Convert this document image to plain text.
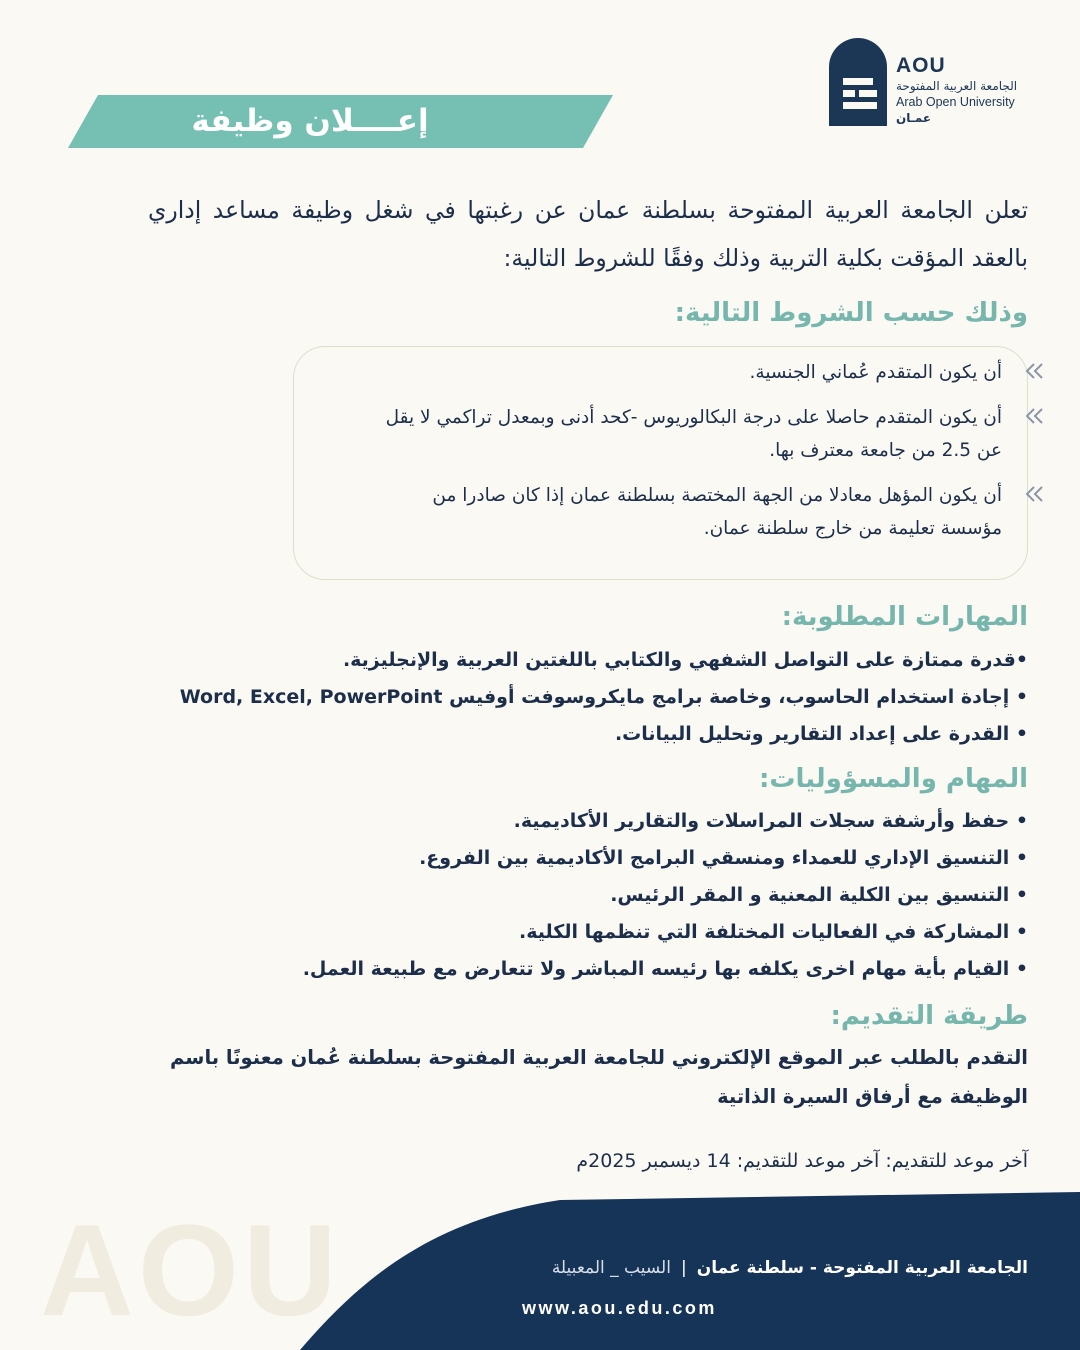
AOU
الجامعة العربية المفتوحة
Arab Open University
عمـان
إعــــلان وظيفة
تعلن الجامعة العربية المفتوحة بسلطنة عمان عن رغبتها في شغل وظيفة مساعد إداري بالعقد المؤقت بكلية التربية وذلك وفقًا للشروط التالية:
وذلك حسب الشروط التالية:
أن يكون المتقدم عُماني الجنسية.
أن يكون المتقدم حاصلا على درجة البكالوريوس -كحد أدنى وبمعدل تراكمي لا يقل عن 2.5 من جامعة معترف بها.
أن يكون المؤهل معادلا من الجهة المختصة بسلطنة عمان إذا كان صادرا من مؤسسة تعليمة من خارج سلطنة عمان.
المهارات المطلوبة:
•قدرة ممتازة على التواصل الشفهي والكتابي باللغتين العربية والإنجليزية.
• إجادة استخدام الحاسوب، وخاصة برامج مايكروسوفت أوفيس Word, Excel, PowerPoint
• القدرة على إعداد التقارير وتحليل البيانات.
المهام والمسؤوليات:
• حفظ وأرشفة سجلات المراسلات والتقارير الأكاديمية.
• التنسيق الإداري للعمداء ومنسقي البرامج الأكاديمية بين الفروع.
• التنسيق بين الكلية المعنية و المقر الرئيس.
• المشاركة في الفعاليات المختلفة التي تنظمها الكلية.
• القيام بأية مهام اخرى يكلفه بها رئيسه المباشر ولا تتعارض مع طبيعة العمل.
طريقة التقديم:
التقدم بالطلب عبر الموقع الإلكتروني للجامعة العربية المفتوحة بسلطنة عُمان معنونًا باسم الوظيفة مع أرفاق السيرة الذاتية
آخر موعد للتقديم: آخر موعد للتقديم: 14 ديسمبر 2025م
AOU	الجامعة العربية المفتوحة - سلطنة عمان|السيب _ المعبيلة
www.aou.edu.com
